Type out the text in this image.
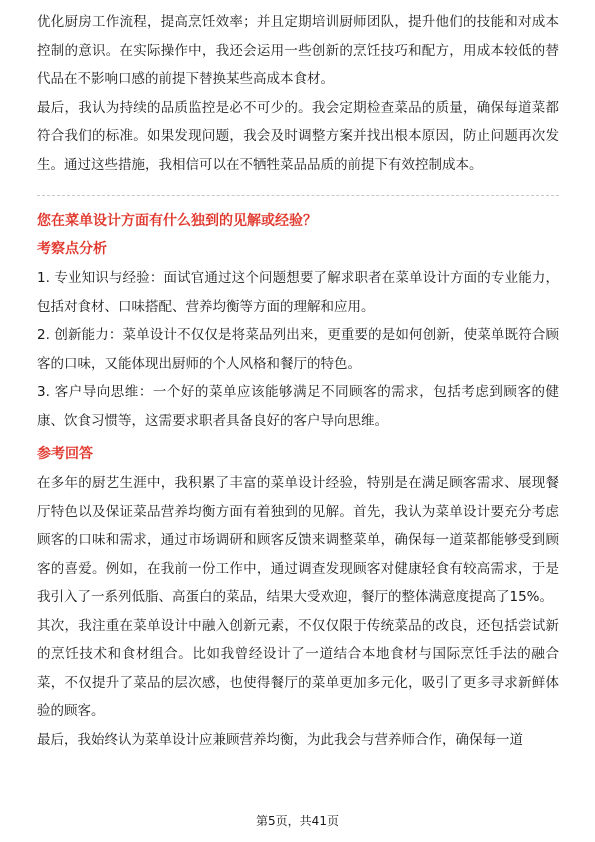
优化厨房工作流程，提高烹饪效率；并且定期培训厨师团队，提升他们的技能和对成本控制的意识。在实际操作中，我还会运用一些创新的烹饪技巧和配方，用成本较低的替代品在不影响口感的前提下替换某些高成本食材。

最后，我认为持续的品质监控是必不可少的。我会定期检查菜品的质量，确保每道菜都符合我们的标准。如果发现问题，我会及时调整方案并找出根本原因，防止问题再次发生。通过这些措施，我相信可以在不牺牲菜品品质的前提下有效控制成本。

您在菜单设计方面有什么独到的见解或经验？
考察点分析

1. 专业知识与经验：面试官通过这个问题想要了解求职者在菜单设计方面的专业能力，包括对食材、口味搭配、营养均衡等方面的理解和应用。

2. 创新能力：菜单设计不仅仅是将菜品列出来，更重要的是如何创新，使菜单既符合顾客的口味，又能体现出厨师的个人风格和餐厅的特色。

3. 客户导向思维：一个好的菜单应该能够满足不同顾客的需求，包括考虑到顾客的健康、饮食习惯等，这需要求职者具备良好的客户导向思维。

参考回答

在多年的厨艺生涯中，我积累了丰富的菜单设计经验，特别是在满足顾客需求、展现餐厅特色以及保证菜品营养均衡方面有着独到的见解。首先，我认为菜单设计要充分考虑顾客的口味和需求，通过市场调研和顾客反馈来调整菜单，确保每一道菜都能够受到顾客的喜爱。例如，在我前一份工作中，通过调查发现顾客对健康轻食有较高需求，于是我引入了一系列低脂、高蛋白的菜品，结果大受欢迎，餐厅的整体满意度提高了15%。

其次，我注重在菜单设计中融入创新元素，不仅仅限于传统菜品的改良，还包括尝试新的烹饪技术和食材组合。比如我曾经设计了一道结合本地食材与国际烹饪手法的融合菜，不仅提升了菜品的层次感，也使得餐厅的菜单更加多元化，吸引了更多寻求新鲜体验的顾客。

最后，我始终认为菜单设计应兼顾营养均衡，为此我会与营养师合作，确保每一道

第5页，共41页
